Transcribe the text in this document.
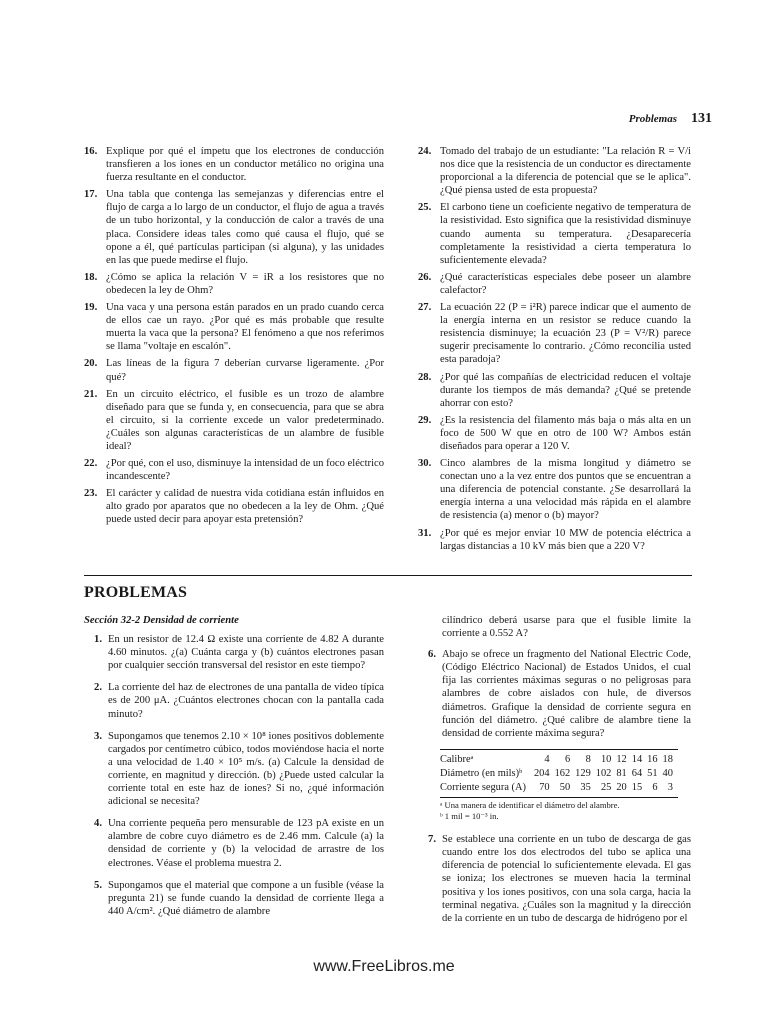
Problemas 131
16. Explique por qué el ímpetu que los electrones de conducción transfieren a los iones en un conductor metálico no origina una fuerza resultante en el conductor.
17. Una tabla que contenga las semejanzas y diferencias entre el flujo de carga a lo largo de un conductor, el flujo de agua a través de un tubo horizontal, y la conducción de calor a través de una placa. Considere ideas tales como qué causa el flujo, qué se opone a él, qué partículas participan (si alguna), y las unidades en las que puede medirse el flujo.
18. ¿Cómo se aplica la relación V = iR a los resistores que no obedecen la ley de Ohm?
19. Una vaca y una persona están parados en un prado cuando cerca de ellos cae un rayo. ¿Por qué es más probable que resulte muerta la vaca que la persona? El fenómeno a que nos referimos se llama "voltaje en escalón".
20. Las líneas de la figura 7 deberían curvarse ligeramente. ¿Por qué?
21. En un circuito eléctrico, el fusible es un trozo de alambre diseñado para que se funda y, en consecuencia, para que se abra el circuito, si la corriente excede un valor predeterminado. ¿Cuáles son algunas características de un alambre de fusible ideal?
22. ¿Por qué, con el uso, disminuye la intensidad de un foco eléctrico incandescente?
23. El carácter y calidad de nuestra vida cotidiana están influidos en alto grado por aparatos que no obedecen a la ley de Ohm. ¿Qué puede usted decir para apoyar esta pretensión?
24. Tomado del trabajo de un estudiante: "La relación R = V/i nos dice que la resistencia de un conductor es directamente proporcional a la diferencia de potencial que se le aplica". ¿Qué piensa usted de esta propuesta?
25. El carbono tiene un coeficiente negativo de temperatura de la resistividad. Esto significa que la resistividad disminuye cuando aumenta su temperatura. ¿Desaparecería completamente la resistividad a cierta temperatura lo suficientemente elevada?
26. ¿Qué características especiales debe poseer un alambre calefactor?
27. La ecuación 22 (P = i²R) parece indicar que el aumento de la energía interna en un resistor se reduce cuando la resistencia disminuye; la ecuación 23 (P = V²/R) parece sugerir precisamente lo contrario. ¿Cómo reconcilia usted esta paradoja?
28. ¿Por qué las compañías de electricidad reducen el voltaje durante los tiempos de más demanda? ¿Qué se pretende ahorrar con esto?
29. ¿Es la resistencia del filamento más baja o más alta en un foco de 500 W que en otro de 100 W? Ambos están diseñados para operar a 120 V.
30. Cinco alambres de la misma longitud y diámetro se conectan uno a la vez entre dos puntos que se encuentran a una diferencia de potencial constante. ¿Se desarrollará la energía interna a una velocidad más rápida en el alambre de resistencia (a) menor o (b) mayor?
31. ¿Por qué es mejor enviar 10 MW de potencia eléctrica a largas distancias a 10 kV más bien que a 220 V?
PROBLEMAS
Sección 32-2 Densidad de corriente
1. En un resistor de 12.4 Ω existe una corriente de 4.82 A durante 4.60 minutos. ¿(a) Cuánta carga y (b) cuántos electrones pasan por cualquier sección transversal del resistor en este tiempo?
2. La corriente del haz de electrones de una pantalla de video típica es de 200 μA. ¿Cuántos electrones chocan con la pantalla cada minuto?
3. Supongamos que tenemos 2.10 × 10⁸ iones positivos doblemente cargados por centímetro cúbico, todos moviéndose hacia el norte a una velocidad de 1.40 × 10⁵ m/s. (a) Calcule la densidad de corriente, en magnitud y dirección. (b) ¿Puede usted calcular la corriente total en este haz de iones? Si no, ¿qué información adicional se necesita?
4. Una corriente pequeña pero mensurable de 123 pA existe en un alambre de cobre cuyo diámetro es de 2.46 mm. Calcule (a) la densidad de corriente y (b) la velocidad de arrastre de los electrones. Véase el problema muestra 2.
5. Supongamos que el material que compone a un fusible (véase la pregunta 21) se funde cuando la densidad de corriente llega a 440 A/cm². ¿Qué diámetro de alambre
cilíndrico deberá usarse para que el fusible limite la corriente a 0.552 A?
6. Abajo se ofrece un fragmento del National Electric Code, (Código Eléctrico Nacional) de Estados Unidos, el cual fija las corrientes máximas seguras o no peligrosas para alambres de cobre aislados con hule, de diversos diámetros. Grafique la densidad de corriente segura en función del diámetro. ¿Qué calibre de alambre tiene la densidad de corriente máxima segura?
Calibreᵃ	4	6	8	10	12	14	16	18
Diámetro (en mils)ᵇ	204	162	129	102	81	64	51	40
Corriente segura (A)	70	50	35	25	20	15	6	3
ᵃ Una manera de identificar el diámetro del alambre.
ᵇ 1 mil = 10⁻³ in.
7. Se establece una corriente en un tubo de descarga de gas cuando entre los dos electrodos del tubo se aplica una diferencia de potencial lo suficientemente elevada. El gas se ioniza; los electrones se mueven hacia la terminal positiva y los iones positivos, con una sola carga, hacia la terminal negativa. ¿Cuáles son la magnitud y la dirección de la corriente en un tubo de descarga de hidrógeno por el
www.FreeLibros.me
